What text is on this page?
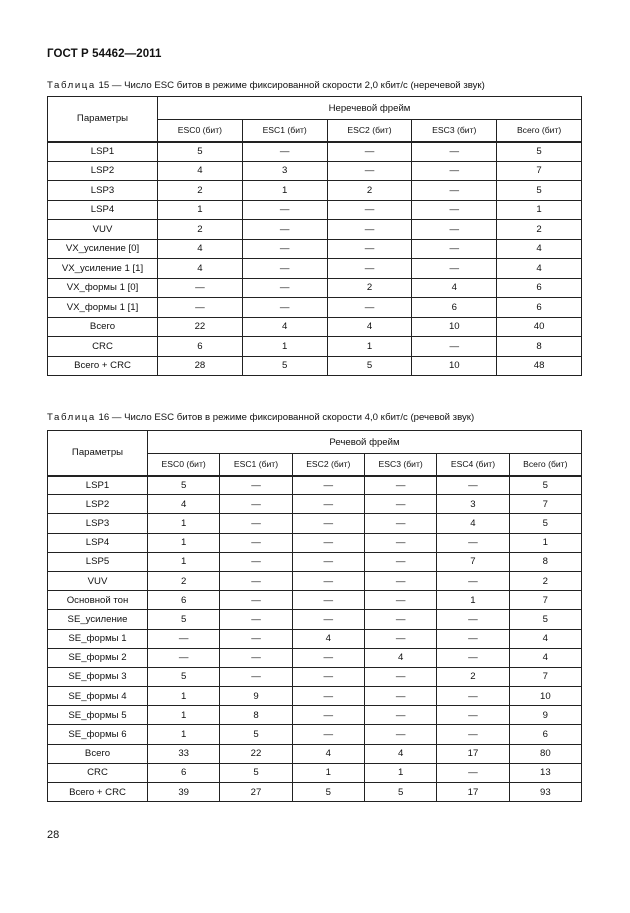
ГОСТ Р 54462—2011
Таблица 15 — Число ESC битов в режиме фиксированной скорости 2,0 кбит/с (неречевой звук)
Параметры	Неречевой фрейм				
	ESC0 (бит)	ESC1 (бит)	ESC2 (бит)	ESC3 (бит)	Всего (бит)
LSP1	5	—	—	—	5
LSP2	4	3	—	—	7
LSP3	2	1	2	—	5
LSP4	1	—	—	—	1
VUV	2	—	—	—	2
VX_усиление [0]	4	—	—	—	4
VX_усиление 1 [1]	4	—	—	—	4
VX_формы 1 [0]	—	—	2	4	6
VX_формы 1 [1]	—	—	—	6	6
Всего	22	4	4	10	40
CRC	6	1	1	—	8
Всего + CRC	28	5	5	10	48
Таблица 16 — Число ESC битов в режиме фиксированной скорости 4,0 кбит/с (речевой звук)
Параметры	Речевой фрейм					
	ESC0 (бит)	ESC1 (бит)	ESC2 (бит)	ESC3 (бит)	ESC4 (бит)	Всего (бит)
LSP1	5	—	—	—	—	5
LSP2	4	—	—	—	3	7
LSP3	1	—	—	—	4	5
LSP4	1	—	—	—	—	1
LSP5	1	—	—	—	7	8
VUV	2	—	—	—	—	2
Основной тон	6	—	—	—	1	7
SE_усиление	5	—	—	—	—	5
SE_формы 1	—	—	4	—	—	4
SE_формы 2	—	—	—	4	—	4
SE_формы 3	5	—	—	—	2	7
SE_формы 4	1	9	—	—	—	10
SE_формы 5	1	8	—	—	—	9
SE_формы 6	1	5	—	—	—	6
Всего	33	22	4	4	17	80
CRC	6	5	1	1	—	13
Всего + CRC	39	27	5	5	17	93
28
